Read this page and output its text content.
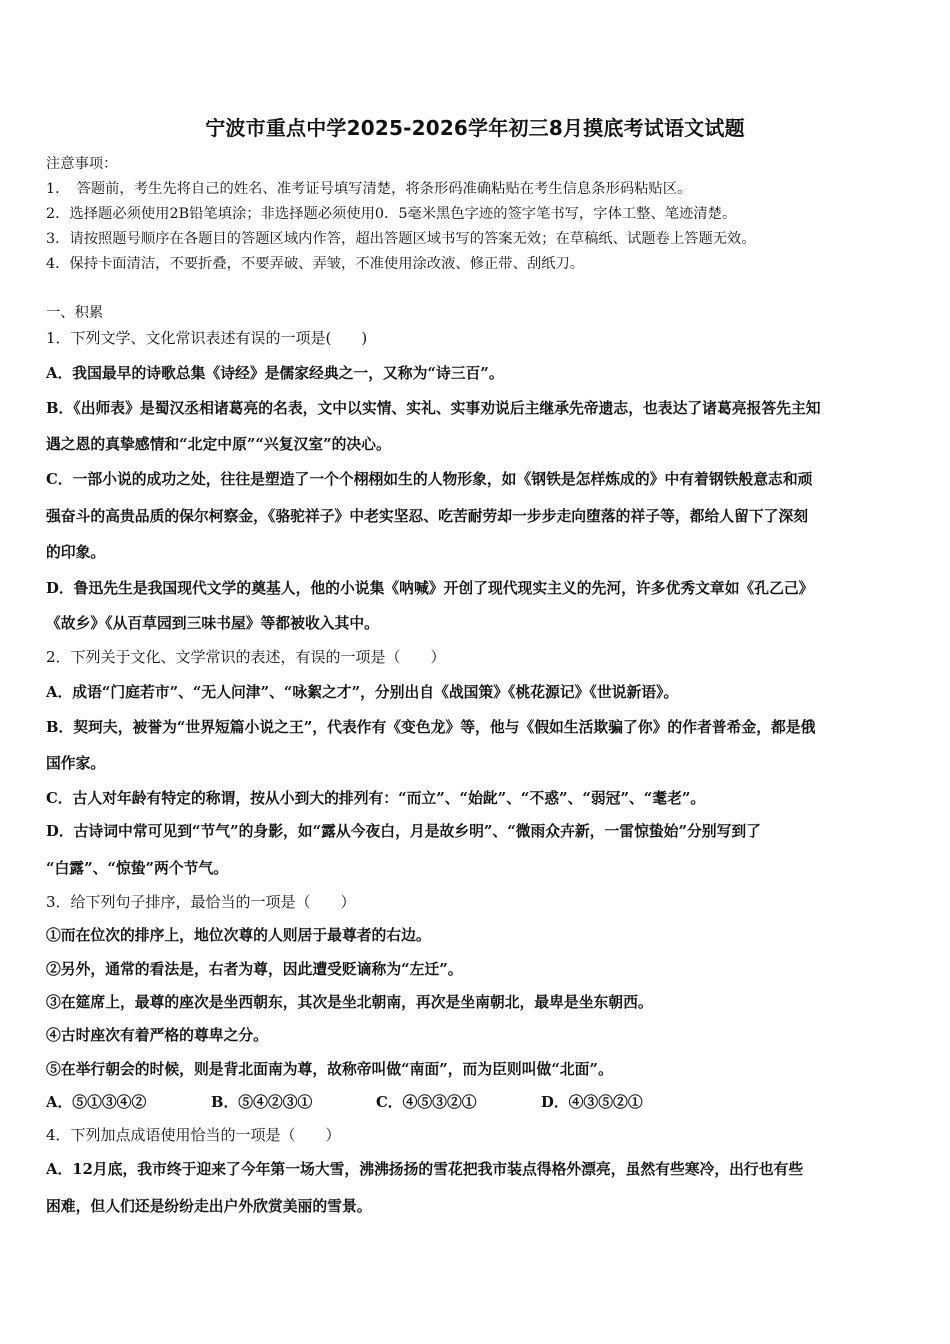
宁波市重点中学2025-2026学年初三8月摸底考试语文试题
注意事项：
1．　答题前，考生先将自己的姓名、准考证号填写清楚，将条形码准确粘贴在考生信息条形码粘贴区。
2．选择题必须使用2B铅笔填涂；非选择题必须使用0．5毫米黑色字迹的签字笔书写，字体工整、笔迹清楚。
3．请按照题号顺序在各题目的答题区域内作答，超出答题区域书写的答案无效；在草稿纸、试题卷上答题无效。
4．保持卡面清洁，不要折叠，不要弄破、弄皱，不准使用涂改液、修正带、刮纸刀。
一、积累
1．下列文学、文化常识表述有误的一项是(　　)
A．我国最早的诗歌总集《诗经》是儒家经典之一，又称为“诗三百”。
B．《出师表》是蜀汉丞相诸葛亮的名表，文中以实情、实礼、实事劝说后主继承先帝遗志，也表达了诸葛亮报答先主知
遇之恩的真挚感情和“北定中原”“兴复汉室”的决心。
C．一部小说的成功之处，往往是塑造了一个个栩栩如生的人物形象，如《钢铁是怎样炼成的》中有着钢铁般意志和顽
强奋斗的高贵品质的保尔柯察金，《骆驼祥子》中老实坚忍、吃苦耐劳却一步步走向堕落的祥子等，都给人留下了深刻
的印象。
D．鲁迅先生是我国现代文学的奠基人，他的小说集《呐喊》开创了现代现实主义的先河，许多优秀文章如《孔乙己》
《故乡》《从百草园到三味书屋》等都被收入其中。
2．下列关于文化、文学常识的表述，有误的一项是（　　）
A．成语“门庭若市”、“无人问津”、“咏絮之才”，分别出自《战国策》《桃花源记》《世说新语》。
B．契珂夫，被誉为“世界短篇小说之王”，代表作有《变色龙》等，他与《假如生活欺骗了你》的作者普希金，都是俄
国作家。
C．古人对年龄有特定的称谓，按从小到大的排列有：“而立”、“始龀”、“不惑”、“弱冠”、“耄老”。
D．古诗词中常可见到“节气”的身影，如“露从今夜白，月是故乡明”、“微雨众卉新，一雷惊蛰始”分别写到了
“白露”、“惊蛰”两个节气。
3．给下列句子排序，最恰当的一项是（　　）
①而在位次的排序上，地位次尊的人则居于最尊者的右边。
②另外，通常的看法是，右者为尊，因此遭受贬谪称为“左迁”。
③在筵席上，最尊的座次是坐西朝东，其次是坐北朝南，再次是坐南朝北，最卑是坐东朝西。
④古时座次有着严格的尊卑之分。
⑤在举行朝会的时候，则是背北面南为尊，故称帝叫做“南面”，而为臣则叫做“北面”。
A．⑤①③④②	B．⑤④②③①	C．④⑤③②①	D．④③⑤②①
4．下列加点成语使用恰当的一项是（　　）
A．12月底，我市终于迎来了今年第一场大雪，沸沸扬扬的雪花把我市装点得格外漂亮，虽然有些寒冷，出行也有些
困难，但人们还是纷纷走出户外欣赏美丽的雪景。
